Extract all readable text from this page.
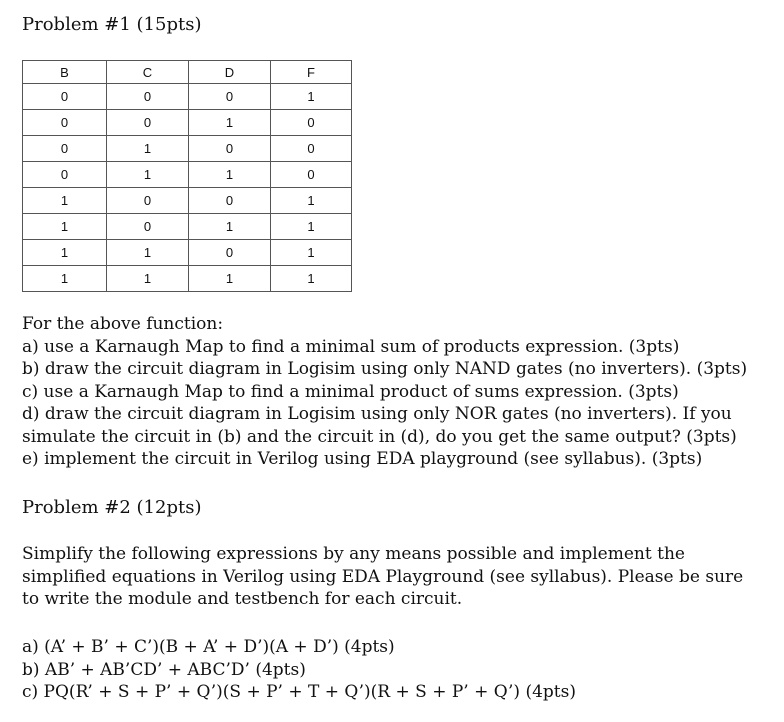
Problem #1 (15pts)
B	C	D	F
0	0	0	1
0	0	1	0
0	1	0	0
0	1	1	0
1	0	0	1
1	0	1	1
1	1	0	1
1	1	1	1
For the above function:
a) use a Karnaugh Map to find a minimal sum of products expression. (3pts)
b) draw the circuit diagram in Logisim using only NAND gates (no inverters). (3pts)
c) use a Karnaugh Map to find a minimal product of sums expression. (3pts)
d) draw the circuit diagram in Logisim using only NOR gates (no inverters). If you
simulate the circuit in (b) and the circuit in (d), do you get the same output? (3pts)
e) implement the circuit in Verilog using EDA playground (see syllabus). (3pts)
Problem #2 (12pts)
Simplify the following expressions by any means possible and implement the
simplified equations in Verilog using EDA Playground (see syllabus). Please be sure
to write the module and testbench for each circuit.
a) (A’ + B’ + C’)(B + A’ + D’)(A + D’) (4pts)
b) AB’ + AB’CD’ + ABC’D’ (4pts)
c) PQ(R’ + S + P’ + Q’)(S + P’ + T + Q’)(R + S + P’ + Q’) (4pts)
